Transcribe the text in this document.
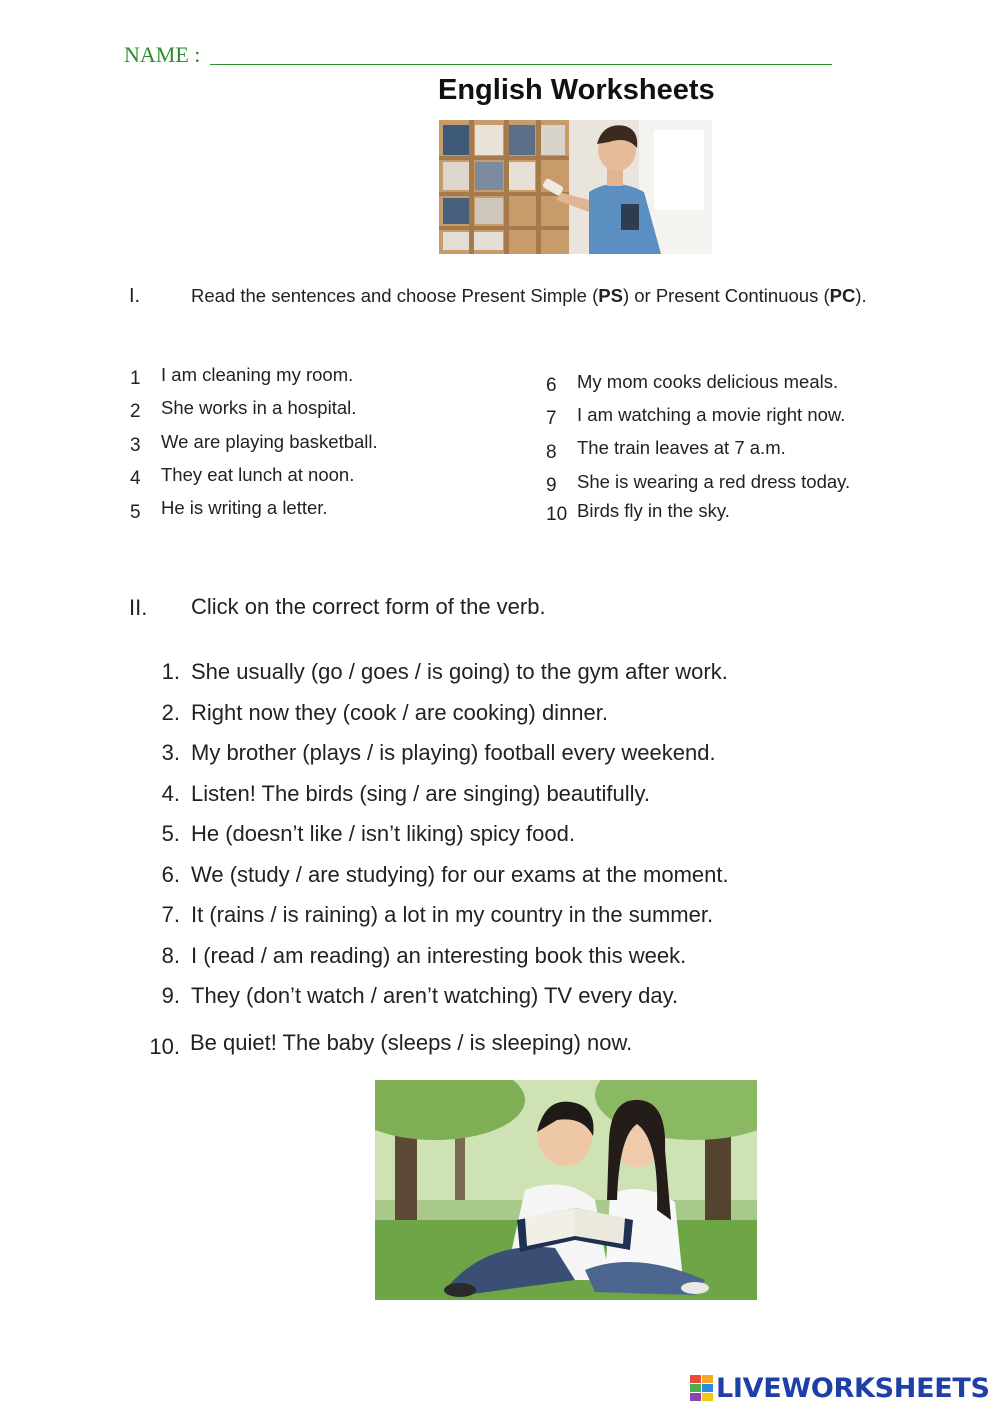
NAME :
English Worksheets
I.	Read the sentences and choose Present Simple (PS) or Present Continuous (PC).
1 I am cleaning my room.
2 She works in a hospital.
3 We are playing basketball.
4 They eat lunch at noon.
5 He is writing a letter.
6 My mom cooks delicious meals.
7 I am watching a movie right now.
8 The train leaves at 7 a.m.
9 She is wearing a red dress today.
10 Birds fly in the sky.
II. Click on the correct form of the verb.
1. She usually (go / goes / is going) to the gym after work.
2. Right now they (cook / are cooking) dinner.
3. My brother (plays / is playing) football every weekend.
4. Listen! The birds (sing / are singing) beautifully.
5. He (doesn’t like / isn’t liking) spicy food.
6. We (study / are studying) for our exams at the moment.
7. It (rains / is raining) a lot in my country in the summer.
8. I (read / am reading) an interesting book this week.
9. They (don’t watch / aren’t watching) TV every day.
10. Be quiet! The baby (sleeps / is sleeping) now.
LIVEWORKSHEETS
